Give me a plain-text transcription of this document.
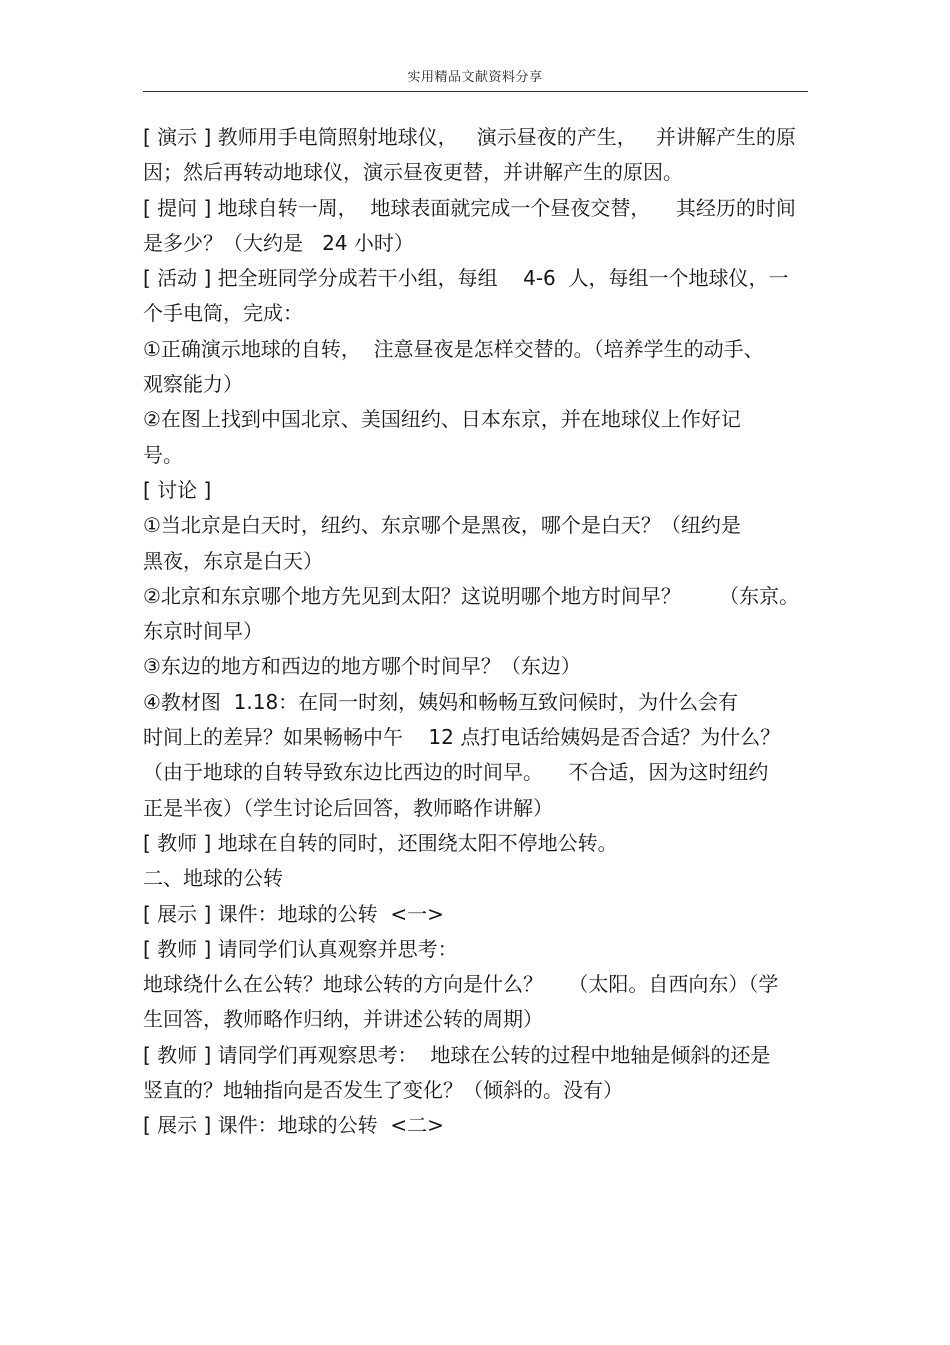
实用精品文献资料分享
[ 演示 ] 教师用手电筒照射地球仪，   演示昼夜的产生，   并讲解产生的原
因；然后再转动地球仪，演示昼夜更替，并讲解产生的原因。
[ 提问 ] 地球自转一周，  地球表面就完成一个昼夜交替，    其经历的时间
是多少？（大约是   24 小时）
[ 活动 ] 把全班同学分成若干小组，每组    4-6  人，每组一个地球仪，一
个手电筒，完成：
①正确演示地球的自转，  注意昼夜是怎样交替的。（培养学生的动手、
观察能力）
②在图上找到中国北京、美国纽约、日本东京，并在地球仪上作好记
号。
[ 讨论 ]
①当北京是白天时，纽约、东京哪个是黑夜，哪个是白天？（纽约是
黑夜，东京是白天）
②北京和东京哪个地方先见到太阳？这说明哪个地方时间早？      （东京。
东京时间早）
③东边的地方和西边的地方哪个时间早？（东边）
④教材图  1.18：在同一时刻，姨妈和畅畅互致问候时，为什么会有
时间上的差异？如果畅畅中午    12 点打电话给姨妈是否合适？为什么？
（由于地球的自转导致东边比西边的时间早。    不合适，因为这时纽约
正是半夜）（学生讨论后回答，教师略作讲解）
[ 教师 ] 地球在自转的同时，还围绕太阳不停地公转。
二、地球的公转
[ 展示 ] 课件：地球的公转  <一>
[ 教师 ] 请同学们认真观察并思考：
地球绕什么在公转？地球公转的方向是什么？    （太阳。自西向东）（学
生回答，教师略作归纳，并讲述公转的周期）
[ 教师 ] 请同学们再观察思考：  地球在公转的过程中地轴是倾斜的还是
竖直的？地轴指向是否发生了变化？（倾斜的。没有）
[ 展示 ] 课件：地球的公转  <二>
